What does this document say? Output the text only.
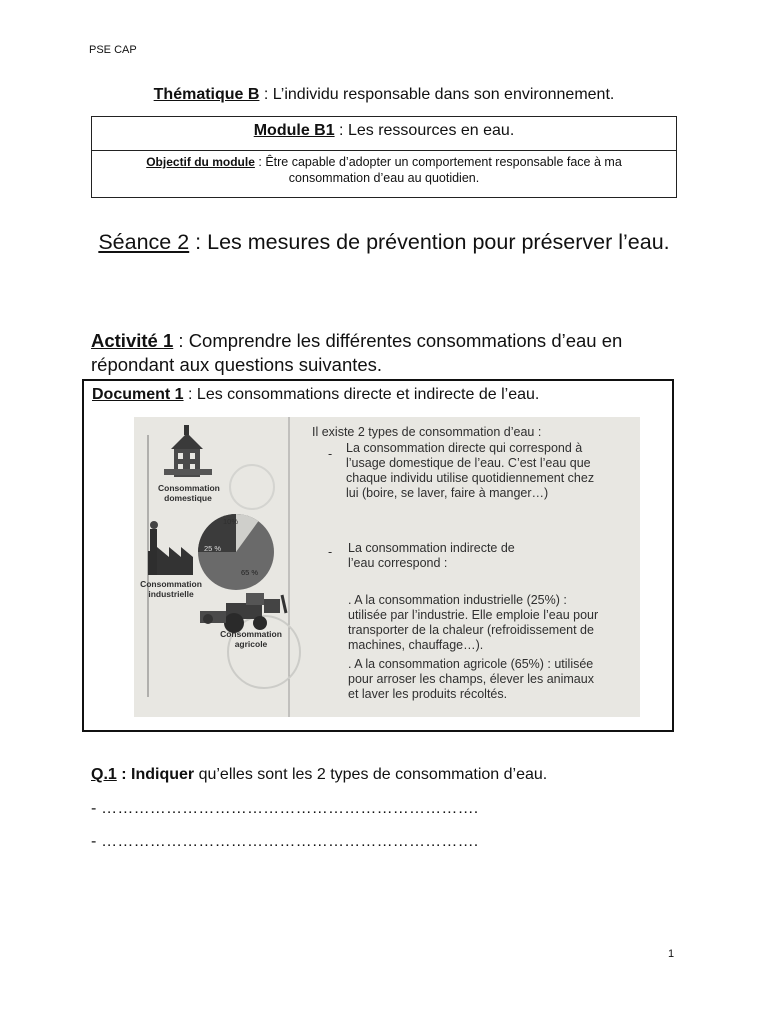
PSE CAP
Thématique B : L’individu responsable dans son environnement.
Module B1 : Les ressources en eau.
Objectif du module : Être capable d’adopter un comportement responsable face à ma consommation d’eau au quotidien.
Séance 2 : Les mesures de prévention pour préserver l’eau.
Activité 1 : Comprendre les différentes consommations d’eau en répondant aux questions suivantes.
Document 1 : Les consommations directe et indirecte de l’eau.
Consommation
domestique
Consommation
industrielle
Consommation
agricole
10%
25 %
65 %
Il existe 2 types de consommation d’eau :
- La consommation directe qui correspond à
l’usage domestique de l’eau. C’est l’eau que
chaque individu utilise quotidiennement chez
lui (boire, se laver, faire à manger…)
- La consommation indirecte de
l’eau correspond :
. A la consommation industrielle (25%) :
utilisée par l’industrie. Elle emploie l’eau pour
transporter de la chaleur (refroidissement de
machines, chauffage…).
. A la consommation agricole (65%) : utilisée
pour arroser les champs, élever les animaux
et laver les produits récoltés.
Q.1 : Indiquer qu’elles sont les 2 types de consommation d’eau.
- …………………………………………………………….
- …………………………………………………………….
1
